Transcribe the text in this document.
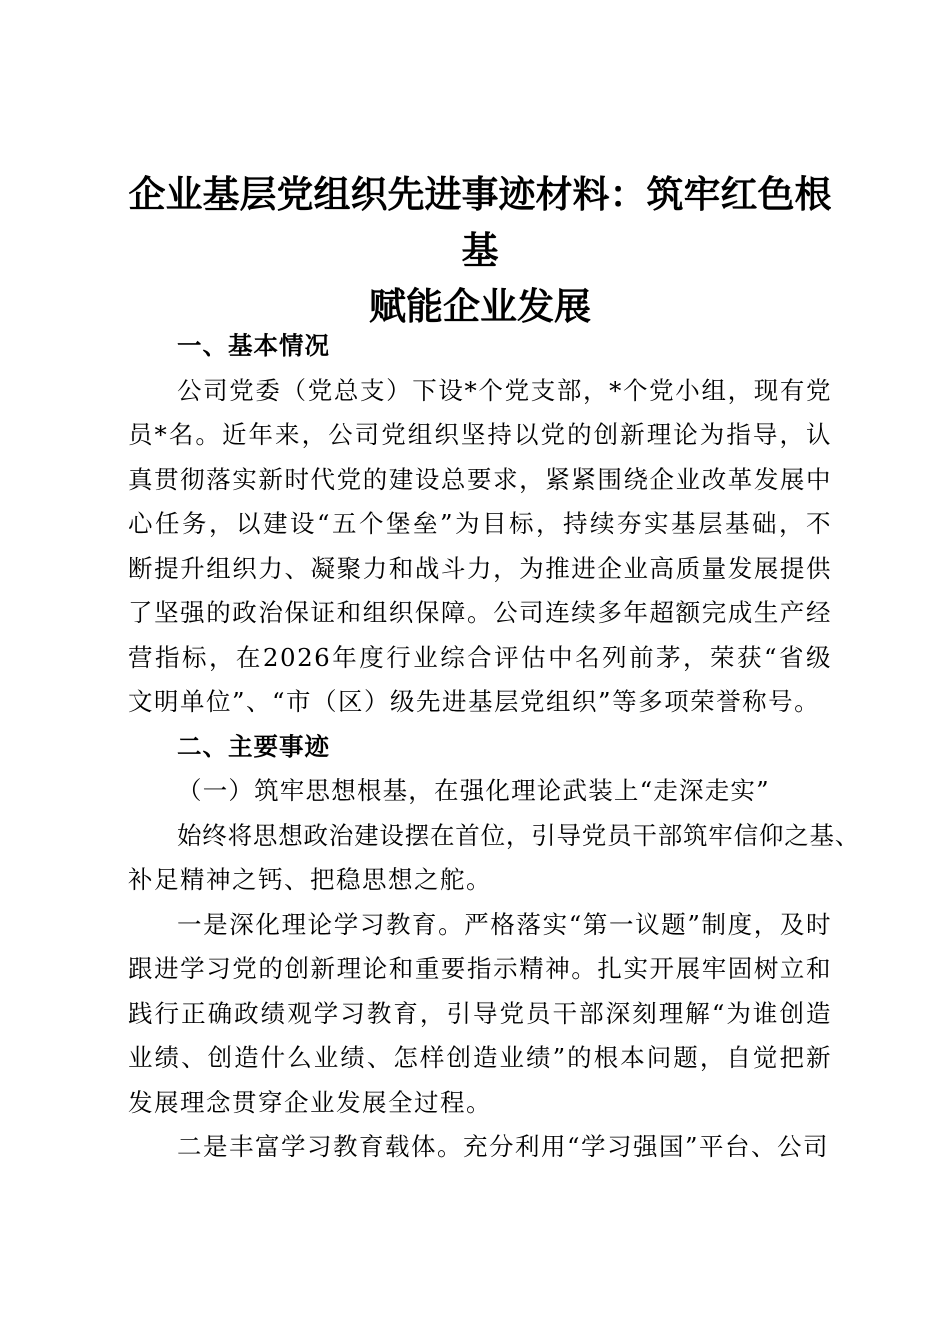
企业基层党组织先进事迹材料：筑牢红色根基
赋能企业发展

一、基本情况

公司党委（党总支）下设*个党支部，*个党小组，现有党员*名。近年来，公司党组织坚持以党的创新理论为指导，认真贯彻落实新时代党的建设总要求，紧紧围绕企业改革发展中心任务，以建设“五个堡垒”为目标，持续夯实基层基础，不断提升组织力、凝聚力和战斗力，为推进企业高质量发展提供了坚强的政治保证和组织保障。公司连续多年超额完成生产经营指标，在2026年度行业综合评估中名列前茅，荣获“省级文明单位”、“市（区）级先进基层党组织”等多项荣誉称号。

二、主要事迹

（一）筑牢思想根基，在强化理论武装上“走深走实”

始终将思想政治建设摆在首位，引导党员干部筑牢信仰之基、

补足精神之钙、把稳思想之舵。

一是深化理论学习教育。严格落实“第一议题”制度，及时跟进学习党的创新理论和重要指示精神。扎实开展牢固树立和践行正确政绩观学习教育，引导党员干部深刻理解“为谁创造业绩、创造什么业绩、怎样创造业绩”的根本问题，自觉把新发展理念贯穿企业发展全过程。

二是丰富学习教育载体。充分利用“学习强国”平台、公司
